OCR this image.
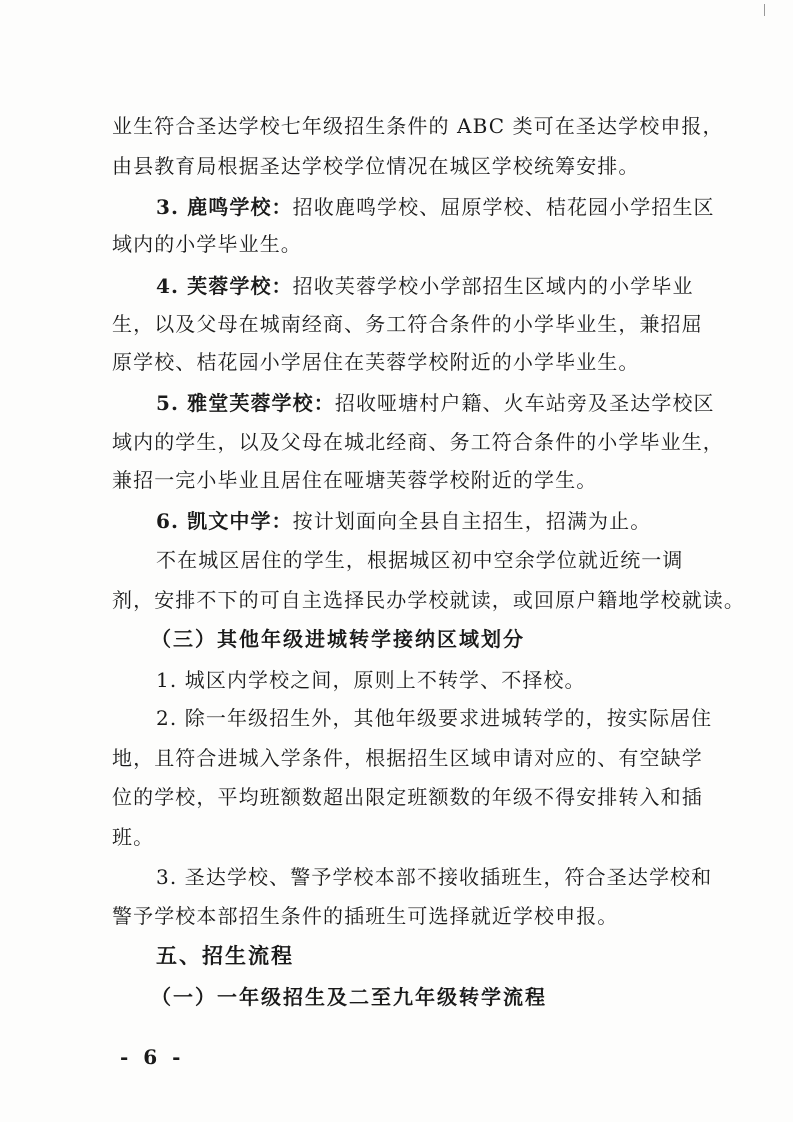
业生符合圣达学校七年级招生条件的 ABC 类可在圣达学校申报，
由县教育局根据圣达学校学位情况在城区学校统筹安排。
3. 鹿鸣学校：招收鹿鸣学校、屈原学校、桔花园小学招生区
域内的小学毕业生。
4. 芙蓉学校：招收芙蓉学校小学部招生区域内的小学毕业
生，以及父母在城南经商、务工符合条件的小学毕业生，兼招屈
原学校、桔花园小学居住在芙蓉学校附近的小学毕业生。
5. 雅堂芙蓉学校：招收哑塘村户籍、火车站旁及圣达学校区
域内的学生，以及父母在城北经商、务工符合条件的小学毕业生，
兼招一完小毕业且居住在哑塘芙蓉学校附近的学生。
6. 凯文中学：按计划面向全县自主招生，招满为止。
不在城区居住的学生，根据城区初中空余学位就近统一调
剂，安排不下的可自主选择民办学校就读，或回原户籍地学校就读。
（三）其他年级进城转学接纳区域划分
1. 城区内学校之间，原则上不转学、不择校。
2. 除一年级招生外，其他年级要求进城转学的，按实际居住
地，且符合进城入学条件，根据招生区域申请对应的、有空缺学
位的学校，平均班额数超出限定班额数的年级不得安排转入和插
班。
3. 圣达学校、警予学校本部不接收插班生，符合圣达学校和
警予学校本部招生条件的插班生可选择就近学校申报。
五、招生流程
（一）一年级招生及二至九年级转学流程
- 6 -
